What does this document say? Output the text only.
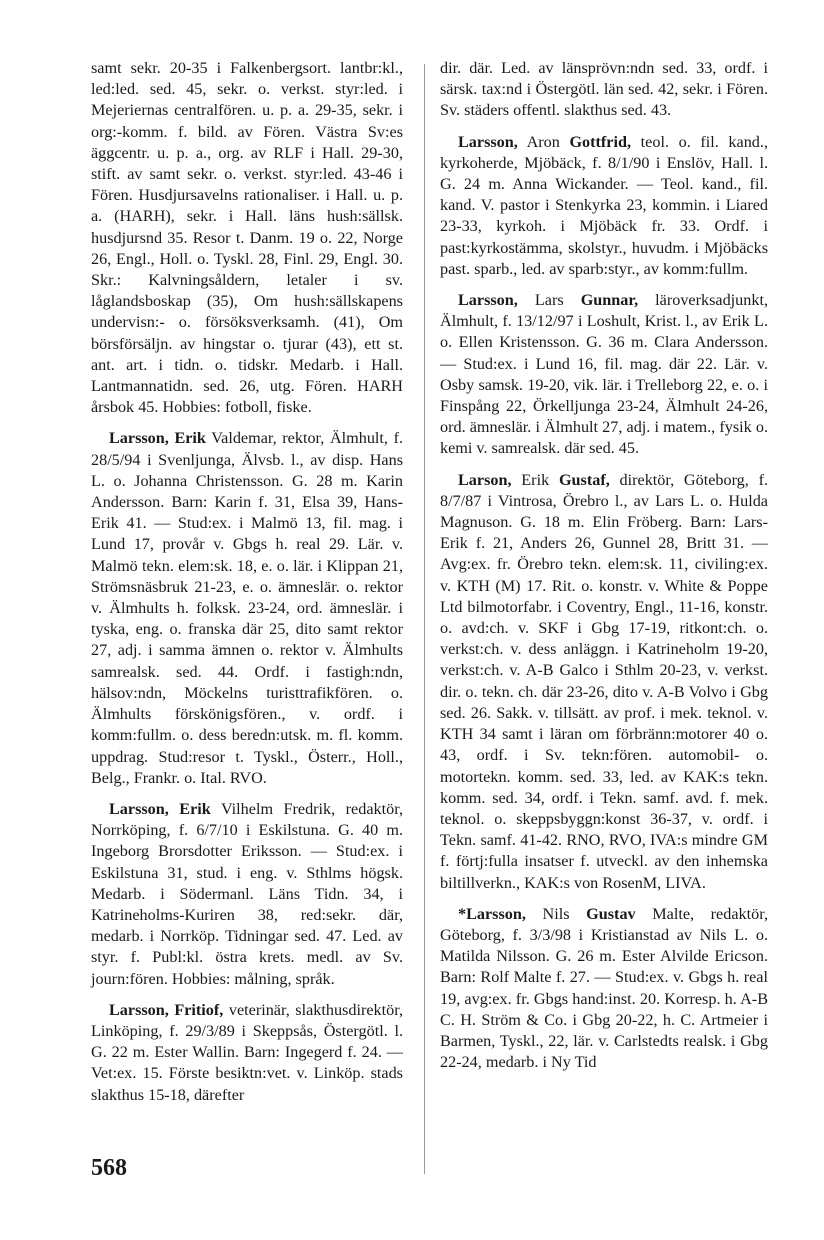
samt sekr. 20-35 i Falkenbergsort. lantbr:kl., led:led. sed. 45, sekr. o. verkst. styr:led. i Mejeriernas centralfören. u. p. a. 29-35, sekr. i org:-komm. f. bild. av Fören. Västra Sv:es äggcentr. u. p. a., org. av RLF i Hall. 29-30, stift. av samt sekr. o. verkst. styr:led. 43-46 i Fören. Husdjursavelns rationaliser. i Hall. u. p. a. (HARH), sekr. i Hall. läns hush:sällsk. husdjursnd 35. Resor t. Danm. 19 o. 22, Norge 26, Engl., Holl. o. Tyskl. 28, Finl. 29, Engl. 30. Skr.: Kalvningsåldern, letaler i sv. låglandsboskap (35), Om hush:sällskapens undervisn:- o. försöksverksamh. (41), Om börsförsäljn. av hingstar o. tjurar (43), ett st. ant. art. i tidn. o. tidskr. Medarb. i Hall. Lantmannatidn. sed. 26, utg. Fören. HARH årsbok 45. Hobbies: fotboll, fiske.

Larsson, Erik Valdemar, rektor, Älmhult, f. 28/5/94 i Svenljunga, Älvsb. l., av disp. Hans L. o. Johanna Christensson. G. 28 m. Karin Andersson. Barn: Karin f. 31, Elsa 39, Hans-Erik 41. — Stud:ex. i Malmö 13, fil. mag. i Lund 17, provår v. Gbgs h. real 29. Lär. v. Malmö tekn. elem:sk. 18, e. o. lär. i Klippan 21, Strömsnäsbruk 21-23, e. o. ämneslär. o. rektor v. Älmhults h. folksk. 23-24, ord. ämneslär. i tyska, eng. o. franska där 25, dito samt rektor 27, adj. i samma ämnen o. rektor v. Älmhults samrealsk. sed. 44. Ordf. i fastigh:ndn, hälsov:ndn, Möckelns turisttrafikfören. o. Älmhults förskönigsfören., v. ordf. i komm:fullm. o. dess beredn:utsk. m. fl. komm. uppdrag. Stud:resor t. Tyskl., Österr., Holl., Belg., Frankr. o. Ital. RVO.

Larsson, Erik Vilhelm Fredrik, redaktör, Norrköping, f. 6/7/10 i Eskilstuna. G. 40 m. Ingeborg Brorsdotter Eriksson. — Stud:ex. i Eskilstuna 31, stud. i eng. v. Sthlms högsk. Medarb. i Södermanl. Läns Tidn. 34, i Katrineholms-Kuriren 38, red:sekr. där, medarb. i Norrköp. Tidningar sed. 47. Led. av styr. f. Publ:kl. östra krets. medl. av Sv. journ:fören. Hobbies: målning, språk.

Larsson, Fritiof, veterinär, slakthusdirektör, Linköping, f. 29/3/89 i Skeppsås, Östergötl. l. G. 22 m. Ester Wallin. Barn: Ingegerd f. 24. — Vet:ex. 15. Förste besiktn:vet. v. Linköp. stads slakthus 15-18, därefter

dir. där. Led. av länsprövn:ndn sed. 33, ordf. i särsk. tax:nd i Östergötl. län sed. 42, sekr. i Fören. Sv. städers offentl. slakthus sed. 43.

Larsson, Aron Gottfrid, teol. o. fil. kand., kyrkoherde, Mjöbäck, f. 8/1/90 i Enslöv, Hall. l. G. 24 m. Anna Wickander. — Teol. kand., fil. kand. V. pastor i Stenkyrka 23, kommin. i Liared 23-33, kyrkoh. i Mjöbäck fr. 33. Ordf. i past:kyrkostämma, skolstyr., huvudm. i Mjöbäcks past. sparb., led. av sparb:styr., av komm:fullm.

Larsson, Lars Gunnar, läroverksadjunkt, Älmhult, f. 13/12/97 i Loshult, Krist. l., av Erik L. o. Ellen Kristensson. G. 36 m. Clara Andersson. — Stud:ex. i Lund 16, fil. mag. där 22. Lär. v. Osby samsk. 19-20, vik. lär. i Trelleborg 22, e. o. i Finspång 22, Örkelljunga 23-24, Älmhult 24-26, ord. ämneslär. i Älmhult 27, adj. i matem., fysik o. kemi v. samrealsk. där sed. 45.

Larson, Erik Gustaf, direktör, Göteborg, f. 8/7/87 i Vintrosa, Örebro l., av Lars L. o. Hulda Magnuson. G. 18 m. Elin Fröberg. Barn: Lars-Erik f. 21, Anders 26, Gunnel 28, Britt 31. — Avg:ex. fr. Örebro tekn. elem:sk. 11, civiling:ex. v. KTH (M) 17. Rit. o. konstr. v. White & Poppe Ltd bilmotorfabr. i Coventry, Engl., 11-16, konstr. o. avd:ch. v. SKF i Gbg 17-19, ritkont:ch. o. verkst:ch. v. dess anläggn. i Katrineholm 19-20, verkst:ch. v. A-B Galco i Sthlm 20-23, v. verkst. dir. o. tekn. ch. där 23-26, dito v. A-B Volvo i Gbg sed. 26. Sakk. v. tillsätt. av prof. i mek. teknol. v. KTH 34 samt i läran om förbränn:motorer 40 o. 43, ordf. i Sv. tekn:fören. automobil- o. motortekn. komm. sed. 33, led. av KAK:s tekn. komm. sed. 34, ordf. i Tekn. samf. avd. f. mek. teknol. o. skeppsbyggn:konst 36-37, v. ordf. i Tekn. samf. 41-42. RNO, RVO, IVA:s mindre GM f. förtj:fulla insatser f. utveckl. av den inhemska biltillverkn., KAK:s von RosenM, LIVA.

*Larsson, Nils Gustav Malte, redaktör, Göteborg, f. 3/3/98 i Kristianstad av Nils L. o. Matilda Nilsson. G. 26 m. Ester Alvilde Ericson. Barn: Rolf Malte f. 27. — Stud:ex. v. Gbgs h. real 19, avg:ex. fr. Gbgs hand:inst. 20. Korresp. h. A-B C. H. Ström & Co. i Gbg 20-22, h. C. Artmeier i Barmen, Tyskl., 22, lär. v. Carlstedts realsk. i Gbg 22-24, medarb. i Ny Tid

568
